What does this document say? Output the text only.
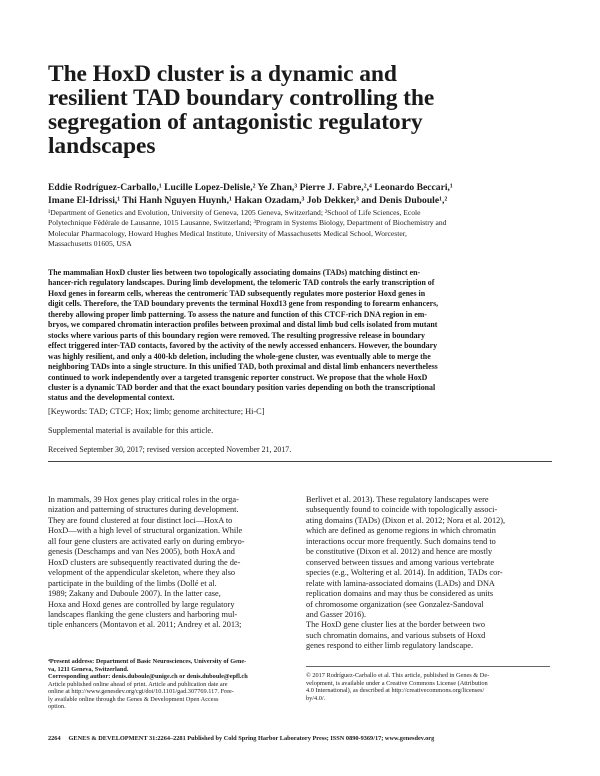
The HoxD cluster is a dynamic and
resilient TAD boundary controlling the
segregation of antagonistic regulatory
landscapes
Eddie Rodríguez-Carballo,¹ Lucille Lopez-Delisle,² Ye Zhan,³ Pierre J. Fabre,²,⁴ Leonardo Beccari,¹
Imane El-Idrissi,¹ Thi Hanh Nguyen Huynh,¹ Hakan Ozadam,³ Job Dekker,³ and Denis Duboule¹,²
¹Department of Genetics and Evolution, University of Geneva, 1205 Geneva, Switzerland; ²School of Life Sciences, Ecole
Polytechnique Fédérale de Lausanne, 1015 Lausanne, Switzerland; ³Program in Systems Biology, Department of Biochemistry and
Molecular Pharmacology, Howard Hughes Medical Institute, University of Massachusetts Medical School, Worcester,
Massachusetts 01605, USA
The mammalian HoxD cluster lies between two topologically associating domains (TADs) matching distinct en-
hancer-rich regulatory landscapes. During limb development, the telomeric TAD controls the early transcription of
Hoxd genes in forearm cells, whereas the centromeric TAD subsequently regulates more posterior Hoxd genes in
digit cells. Therefore, the TAD boundary prevents the terminal Hoxd13 gene from responding to forearm enhancers,
thereby allowing proper limb patterning. To assess the nature and function of this CTCF-rich DNA region in em-
bryos, we compared chromatin interaction profiles between proximal and distal limb bud cells isolated from mutant
stocks where various parts of this boundary region were removed. The resulting progressive release in boundary
effect triggered inter-TAD contacts, favored by the activity of the newly accessed enhancers. However, the boundary
was highly resilient, and only a 400-kb deletion, including the whole-gene cluster, was eventually able to merge the
neighboring TADs into a single structure. In this unified TAD, both proximal and distal limb enhancers nevertheless
continued to work independently over a targeted transgenic reporter construct. We propose that the whole HoxD
cluster is a dynamic TAD border and that the exact boundary position varies depending on both the transcriptional
status and the developmental context.
[Keywords: TAD; CTCF; Hox; limb; genome architecture; Hi-C]
Supplemental material is available for this article.
Received September 30, 2017; revised version accepted November 21, 2017.
In mammals, 39 Hox genes play critical roles in the orga-
nization and patterning of structures during development.
They are found clustered at four distinct loci—HoxA to
HoxD—with a high level of structural organization. While
all four gene clusters are activated early on during embryo-
genesis (Deschamps and van Nes 2005), both HoxA and
HoxD clusters are subsequently reactivated during the de-
velopment of the appendicular skeleton, where they also
participate in the building of the limbs (Dollé et al.
1989; Zakany and Duboule 2007). In the latter case,
Hoxa and Hoxd genes are controlled by large regulatory
landscapes flanking the gene clusters and harboring mul-
tiple enhancers (Montavon et al. 2011; Andrey et al. 2013;
Berlivet et al. 2013). These regulatory landscapes were
subsequently found to coincide with topologically associ-
ating domains (TADs) (Dixon et al. 2012; Nora et al. 2012),
which are defined as genome regions in which chromatin
interactions occur more frequently. Such domains tend to
be constitutive (Dixon et al. 2012) and hence are mostly
conserved between tissues and among various vertebrate
species (e.g., Woltering et al. 2014). In addition, TADs cor-
relate with lamina-associated domains (LADs) and DNA
replication domains and may thus be considered as units
of chromosome organization (see Gonzalez-Sandoval
and Gasser 2016).
The HoxD gene cluster lies at the border between two
such chromatin domains, and various subsets of Hoxd
genes respond to either limb regulatory landscape.
⁴Present address: Department of Basic Neurosciences, University of Gene-
va, 1211 Geneva, Switzerland.
Corresponding author: denis.duboule@unige.ch or denis.duboule@epfl.ch
Article published online ahead of print. Article and publication date are
online at http://www.genesdev.org/cgi/doi/10.1101/gad.307769.117. Free-
ly available online through the Genes & Development Open Access
option.
© 2017 Rodríguez-Carballo et al. This article, published in Genes & De-
velopment, is available under a Creative Commons License (Attribution
4.0 International), as described at http://creativecommons.org/licenses/
by/4.0/.
2264 GENES & DEVELOPMENT 31:2264–2281 Published by Cold Spring Harbor Laboratory Press; ISSN 0890-9369/17; www.genesdev.org
